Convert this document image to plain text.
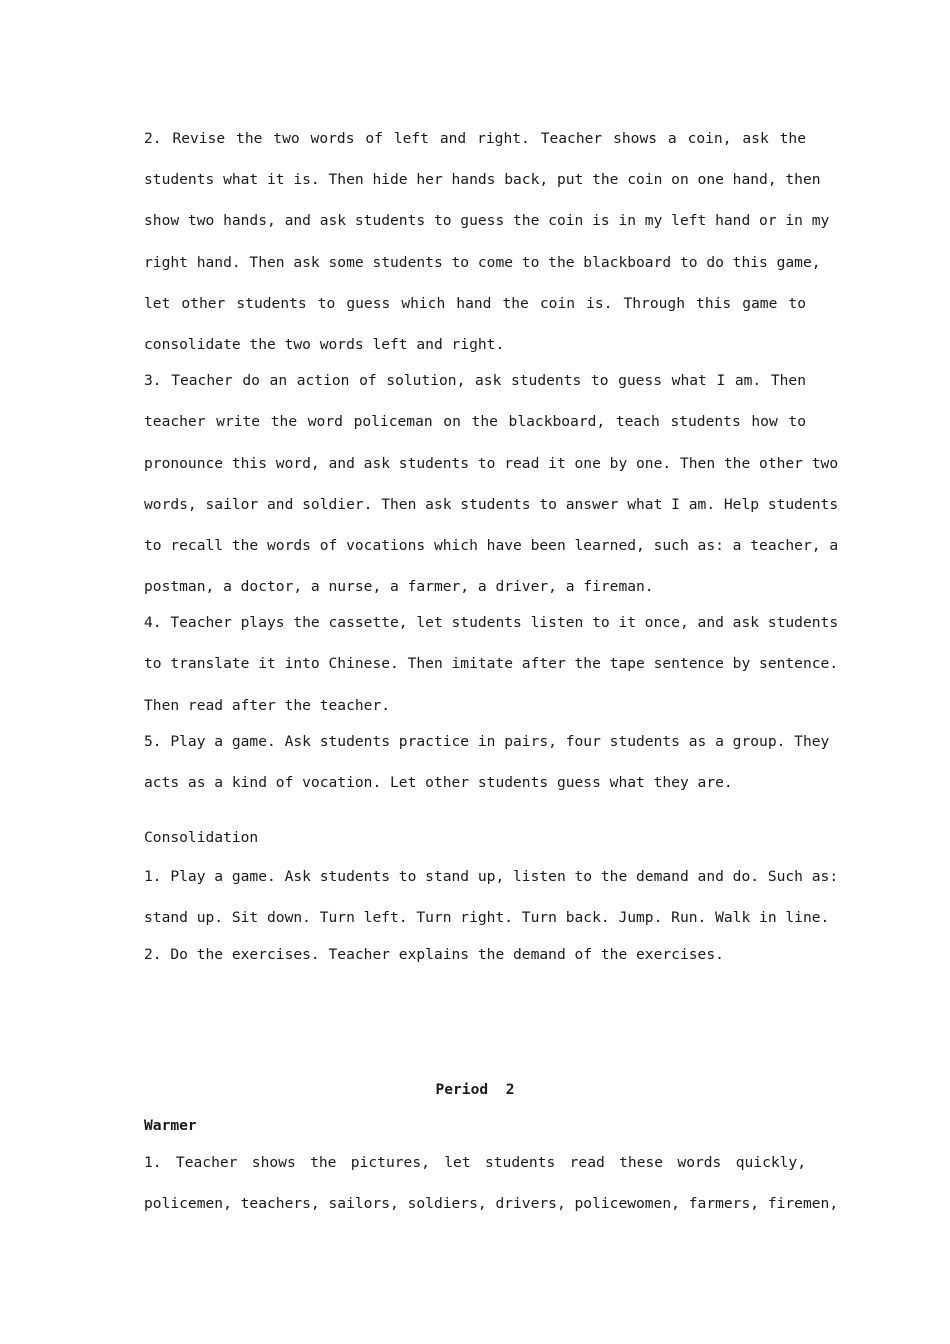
2. Revise the two words of left and right. Teacher shows a coin, ask the
students what it is. Then hide her hands back, put the coin on one hand, then
show two hands, and ask students to guess the coin is in my left hand or in my
right hand. Then ask some students to come to the blackboard to do this game,
let other students to guess which hand the coin is. Through this game to
consolidate the two words left and right.
3. Teacher do an action of solution, ask students to guess what I am. Then
teacher write the word policeman on the blackboard, teach students how to
pronounce this word, and ask students to read it one by one. Then the other two
words, sailor and soldier. Then ask students to answer what I am. Help students
to recall the words of vocations which have been learned, such as: a teacher, a
postman, a doctor, a nurse, a farmer, a driver, a fireman.
4. Teacher plays the cassette, let students listen to it once, and ask students
to translate it into Chinese. Then imitate after the tape sentence by sentence.
Then read after the teacher.
5. Play a game. Ask students practice in pairs, four students as a group. They
acts as a kind of vocation. Let other students guess what they are.
Consolidation
1. Play a game. Ask students to stand up, listen to the demand and do. Such as:
stand up. Sit down. Turn left. Turn right. Turn back. Jump. Run. Walk in line.
2. Do the exercises. Teacher explains the demand of the exercises.
Period  2
Warmer
1. Teacher shows the pictures, let students read these words quickly,
policemen, teachers, sailors, soldiers, drivers, policewomen, farmers, firemen,
